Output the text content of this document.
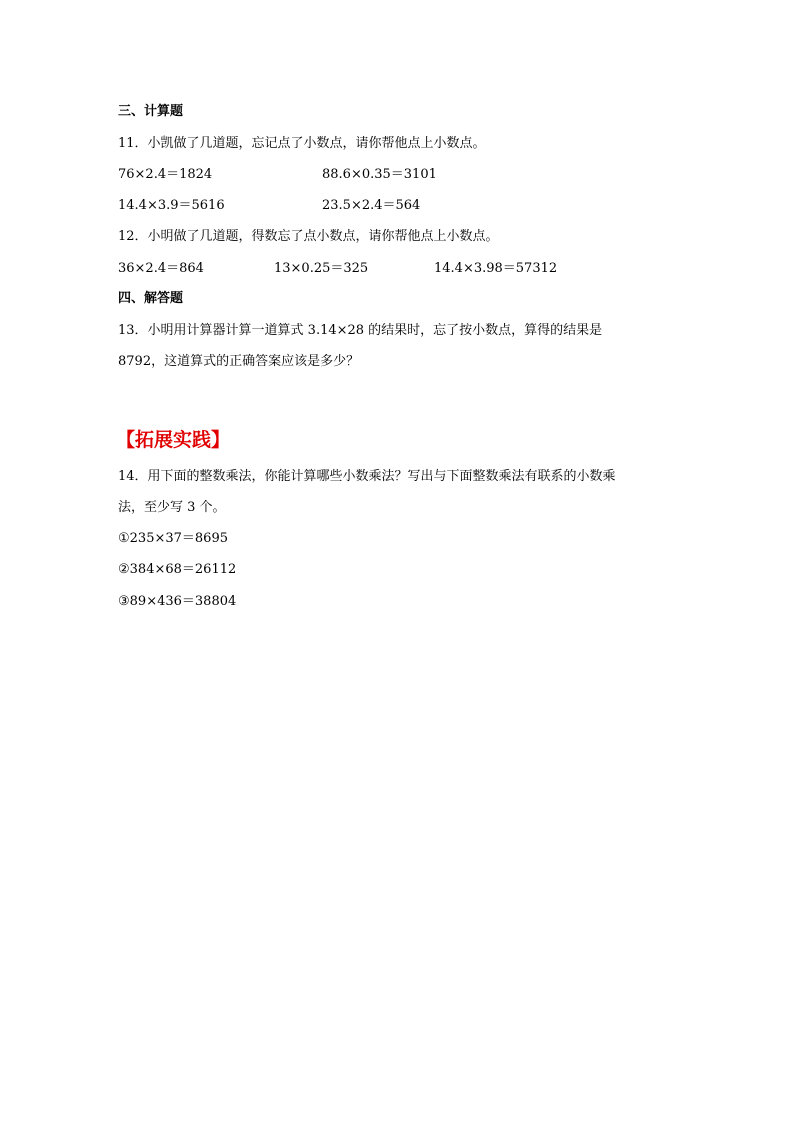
三、计算题
11．小凯做了几道题，忘记点了小数点，请你帮他点上小数点。
76×2.4＝1824	88.6×0.35＝3101
14.4×3.9＝5616	23.5×2.4＝564
12．小明做了几道题，得数忘了点小数点，请你帮他点上小数点。
36×2.4＝864	13×0.25＝325	14.4×3.98＝57312
四、解答题
13．小明用计算器计算一道算式 3.14×28 的结果时，忘了按小数点，算得的结果是
8792，这道算式的正确答案应该是多少？
【拓展实践】
14．用下面的整数乘法，你能计算哪些小数乘法？写出与下面整数乘法有联系的小数乘
法，至少写 3 个。
①235×37＝8695
②384×68＝26112
③89×436＝38804
